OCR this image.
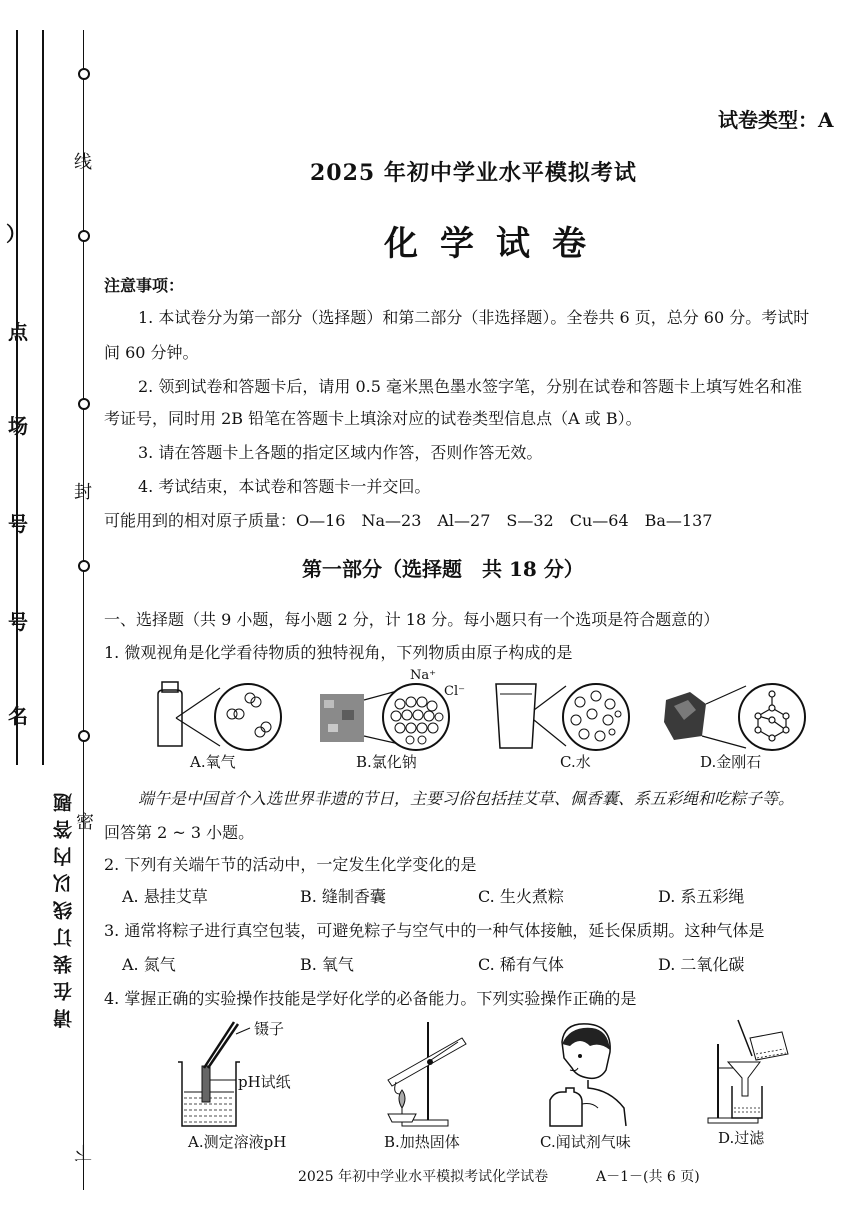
）
点
场
号
号
名
线
封
密
请在装订线以内答题
下
试卷类型：A
2025 年初中学业水平模拟考试
化学试卷
注意事项：
1. 本试卷分为第一部分（选择题）和第二部分（非选择题）。全卷共 6 页，总分 60 分。考试时
间 60 分钟。
2. 领到试卷和答题卡后，请用 0.5 毫米黑色墨水签字笔，分别在试卷和答题卡上填写姓名和准
考证号，同时用 2B 铅笔在答题卡上填涂对应的试卷类型信息点（A 或 B）。
3. 请在答题卡上各题的指定区域内作答，否则作答无效。
4. 考试结束，本试卷和答题卡一并交回。
可能用到的相对原子质量：O—16　Na—23　Al—27　S—32　Cu—64　Ba—137
第一部分（选择题　共 18 分）
一、选择题（共 9 小题，每小题 2 分，计 18 分。每小题只有一个选项是符合题意的）
1. 微观视角是化学看待物质的独特视角，下列物质由原子构成的是
Na⁺
Cl⁻
A.氧气	B.氯化钠	C.水	D.金刚石
端午是中国首个入选世界非遗的节日，主要习俗包括挂艾草、佩香囊、系五彩绳和吃粽子等。
回答第 2 ~ 3 小题。
2. 下列有关端午节的活动中，一定发生化学变化的是
A. 悬挂艾草	B. 缝制香囊	C. 生火煮粽	D. 系五彩绳
3. 通常将粽子进行真空包装，可避免粽子与空气中的一种气体接触，延长保质期。这种气体是
A. 氮气	B. 氧气	C. 稀有气体	D. 二氧化碳
4. 掌握正确的实验操作技能是学好化学的必备能力。下列实验操作正确的是
镊子
pH试纸
A.测定溶液pH	B.加热固体	C.闻试剂气味	D.过滤
2025 年初中学业水平模拟考试化学试卷	A－1－(共 6 页)
